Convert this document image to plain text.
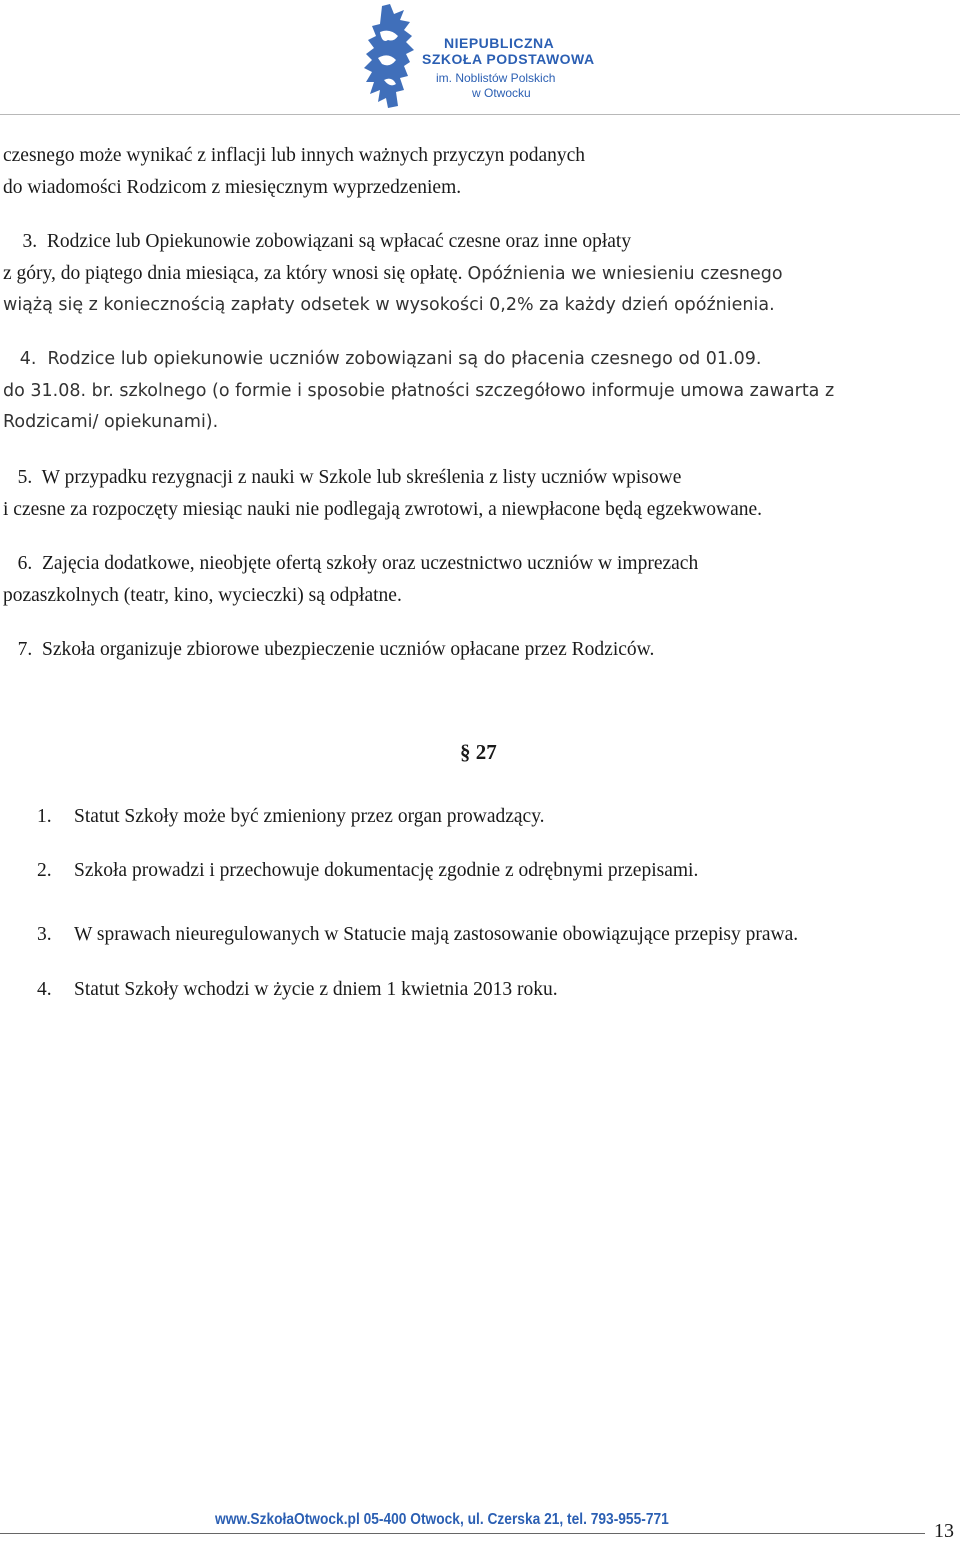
NIEPUBLICZNA
SZKOŁA PODSTAWOWA
im. Noblistów Polskich
w Otwocku
czesnego może wynikać z inflacji lub innych ważnych przyczyn podanych
do wiadomości Rodzicom z miesięcznym wyprzedzeniem.
3.  Rodzice lub Opiekunowie zobowiązani są wpłacać czesne oraz inne opłaty
z góry, do piątego dnia miesiąca, za który wnosi się opłatę. Opóźnienia we wniesieniu czesnego
wiążą się z koniecznością zapłaty odsetek w wysokości 0,2% za każdy dzień opóźnienia.
4.  Rodzice lub opiekunowie uczniów zobowiązani są do płacenia czesnego od 01.09.
do 31.08. br. szkolnego (o formie i sposobie płatności szczegółowo informuje umowa zawarta z
Rodzicami/ opiekunami).
5.  W przypadku rezygnacji z nauki w Szkole lub skreślenia z listy uczniów wpisowe
i czesne za rozpoczęty miesiąc nauki nie podlegają zwrotowi, a niewpłacone będą egzekwowane.
6.  Zajęcia dodatkowe, nieobjęte ofertą szkoły oraz uczestnictwo uczniów w imprezach
pozaszkolnych (teatr, kino, wycieczki) są odpłatne.
7.  Szkoła organizuje zbiorowe ubezpieczenie uczniów opłacane przez Rodziców.
§ 27
1. Statut Szkoły może być zmieniony przez organ prowadzący.
2. Szkoła prowadzi i przechowuje dokumentację zgodnie z odrębnymi przepisami.
3. W sprawach nieuregulowanych w Statucie mają zastosowanie obowiązujące przepisy prawa.
4. Statut Szkoły wchodzi w życie z dniem 1 kwietnia 2013 roku.
www.SzkołaOtwock.pl 05-400 Otwock, ul. Czerska 21, tel. 793-955-771
13
